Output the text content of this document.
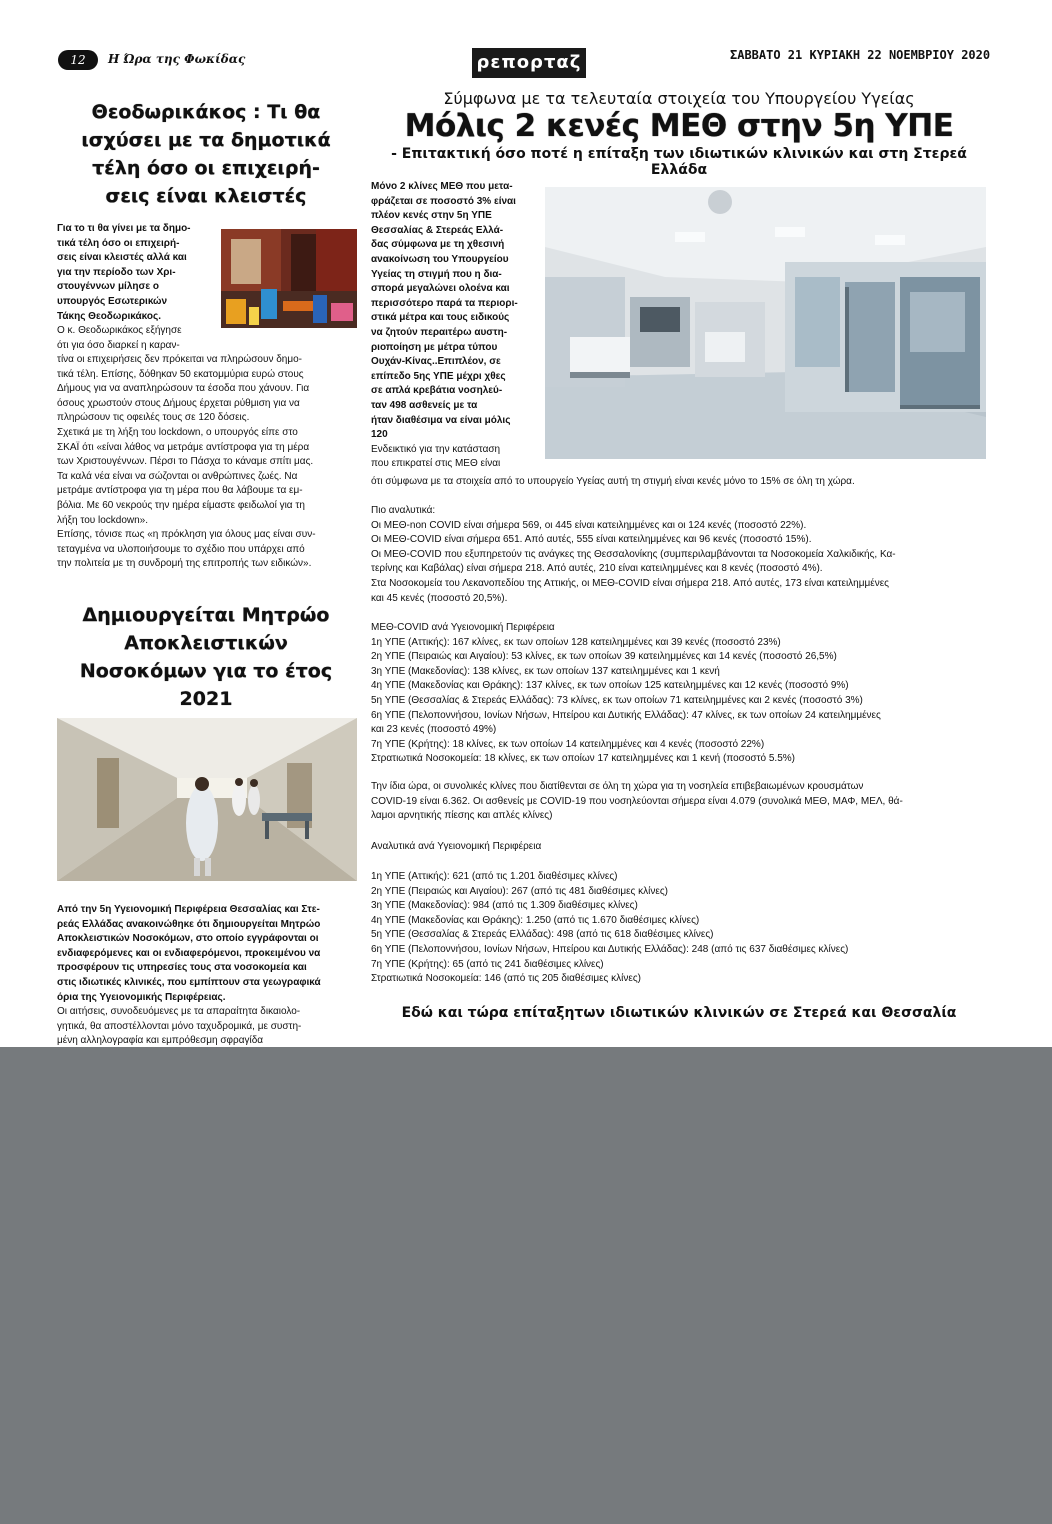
12	Η Ώρα της Φωκίδας	ρεπορταζ	ΣΑΒΒΑΤΟ 21 ΚΥΡΙΑΚΗ 22 ΝΟΕΜΒΡΙΟΥ 2020
Θεοδωρικάκος : Τι θα
ισχύσει με τα δημοτικά
τέλη όσο οι επιχειρή-
σεις είναι κλειστές

Για το τι θα γίνει με τα δημο-

τικά τέλη όσο οι επιχειρή-

σεις είναι κλειστές αλλά και

για την περίοδο των Χρι-

στουγέννων μίλησε ο

υπουργός Εσωτερικών

Τάκης Θεοδωρικάκος.

Ο κ. Θεοδωρικάκος εξήγησε

ότι για όσο διαρκεί η καραν-

τίνα οι επιχειρήσεις δεν πρόκειται να πληρώσουν δημο-

τικά τέλη. Επίσης, δόθηκαν 50 εκατομμύρια ευρώ στους

Δήμους για να αναπληρώσουν τα έσοδα που χάνουν. Για

όσους χρωστούν στους Δήμους έρχεται ρύθμιση για να

πληρώσουν τις οφειλές τους σε 120 δόσεις.

Σχετικά με τη λήξη του lockdown, ο υπουργός είπε στο

ΣΚΑΪ ότι «είναι λάθος να μετράμε αντίστροφα για τη μέρα

των Χριστουγέννων. Πέρσι το Πάσχα το κάναμε σπίτι μας.

Τα καλά νέα είναι να σώζονται οι ανθρώπινες ζωές. Να

μετράμε αντίστροφα για τη μέρα που θα λάβουμε τα εμ-

βόλια. Με 60 νεκρούς την ημέρα είμαστε φειδωλοί για τη

λήξη του lockdown».

Επίσης, τόνισε πως «η πρόκληση για όλους μας είναι συν-

τεταγμένα να υλοποιήσουμε το σχέδιο που υπάρχει από

την πολιτεία με τη συνδρομή της επιτροπής των ειδικών».

Δημιουργείται Μητρώο
Αποκλειστικών
Νοσοκόμων για το έτος
2021

Από την 5η Υγειονομική Περιφέρεια Θεσσαλίας και Στε-

ρεάς Ελλάδας ανακοινώθηκε ότι δημιουργείται Μητρώο

Αποκλειστικών Νοσοκόμων, στο οποίο εγγράφονται οι

ενδιαφερόμενες και οι ενδιαφερόμενοι, προκειμένου να

προσφέρουν τις υπηρεσίες τους στα νοσοκομεία και

στις ιδιωτικές κλινικές, που εμπίπτουν στα γεωγραφικά

όρια της Υγειονομικής Περιφέρειας.

Οι αιτήσεις, συνοδευόμενες με τα απαραίτητα δικαιολο-

γητικά, θα αποστέλλονται μόνο ταχυδρομικά, με συστη-

μένη αλληλογραφία και εμπρόθεσμη σφραγίδα

Σύμφωνα με τα τελευταία στοιχεία του Υπουργείου Υγείας
Μόλις 2 κενές ΜΕΘ στην 5η ΥΠΕ
- Επιτακτική όσο ποτέ η επίταξη των ιδιωτικών κλινικών και στη Στερεά Ελλάδα

Μόνο 2 κλίνες ΜΕΘ που μετα-

φράζεται σε ποσοστό 3% είναι

πλέον κενές στην 5η ΥΠΕ

Θεσσαλίας & Στερεάς Ελλά-

δας σύμφωνα με τη χθεσινή

ανακοίνωση του Υπουργείου

Υγείας τη στιγμή που η δια-

σπορά μεγαλώνει ολοένα και

περισσότερο παρά τα περιορι-

στικά μέτρα και τους ειδικούς

να ζητούν περαιτέρω αυστη-

ριοποίηση με μέτρα τύπου

Ουχάν-Κίνας..Επιπλέον, σε

επίπεδο 5ης ΥΠΕ μέχρι χθες

σε απλά κρεβάτια νοσηλεύ-

ταν 498 ασθενείς με τα

ήταν διαθέσιμα να είναι μόλις

120

Ενδεικτικό για την κατάσταση

που επικρατεί στις ΜΕΘ είναι

ότι σύμφωνα με τα στοιχεία από το υπουργείο Υγείας αυτή τη στιγμή είναι κενές μόνο το 15% σε όλη τη χώρα.

Πιο αναλυτικά:

Οι ΜΕΘ-non COVID είναι σήμερα 569, οι 445 είναι κατειλημμένες και οι 124 κενές (ποσοστό 22%).

Οι ΜΕΘ-COVID είναι σήμερα 651. Από αυτές, 555 είναι κατειλημμένες και 96 κενές (ποσοστό 15%).

Οι ΜΕΘ-COVID που εξυπηρετούν τις ανάγκες της Θεσσαλονίκης (συμπεριλαμβάνονται τα Νοσοκομεία Χαλκιδικής, Κα-

τερίνης και Καβάλας) είναι σήμερα 218. Από αυτές, 210 είναι κατειλημμένες και 8 κενές (ποσοστό 4%).

Στα Νοσοκομεία του Λεκανοπεδίου της Αττικής, οι ΜΕΘ-COVID είναι σήμερα 218. Από αυτές, 173 είναι κατειλημμένες

και 45 κενές (ποσοστό 20,5%).

ΜΕΘ-COVID ανά Υγειονομική Περιφέρεια

1η ΥΠΕ (Αττικής): 167 κλίνες, εκ των οποίων 128 κατειλημμένες και 39 κενές (ποσοστό 23%)

2η ΥΠΕ (Πειραιώς και Αιγαίου): 53 κλίνες, εκ των οποίων 39 κατειλημμένες και 14 κενές (ποσοστό 26,5%)

3η ΥΠΕ (Μακεδονίας): 138 κλίνες, εκ των οποίων 137 κατειλημμένες και 1 κενή

4η ΥΠΕ (Μακεδονίας και Θράκης): 137 κλίνες, εκ των οποίων 125 κατειλημμένες και 12 κενές (ποσοστό 9%)

5η ΥΠΕ (Θεσσαλίας & Στερεάς Ελλάδας): 73 κλίνες, εκ των οποίων 71 κατειλημμένες και 2 κενές (ποσοστό 3%)

6η ΥΠΕ (Πελοποννήσου, Ιονίων Νήσων, Ηπείρου και Δυτικής Ελλάδας): 47 κλίνες, εκ των οποίων 24 κατειλημμένες

και 23 κενές (ποσοστό 49%)

7η ΥΠΕ (Κρήτης): 18 κλίνες, εκ των οποίων 14 κατειλημμένες και 4 κενές (ποσοστό 22%)

Στρατιωτικά Νοσοκομεία: 18 κλίνες, εκ των οποίων 17 κατειλημμένες και 1 κενή (ποσοστό 5.5%)

Την ίδια ώρα, οι συνολικές κλίνες που διατίθενται σε όλη τη χώρα για τη νοσηλεία επιβεβαιωμένων κρουσμάτων

COVID-19 είναι 6.362. Οι ασθενείς με COVID-19 που νοσηλεύονται σήμερα είναι 4.079 (συνολικά ΜΕΘ, ΜΑΦ, ΜΕΛ, θά-

λαμοι αρνητικής πίεσης και απλές κλίνες)

Αναλυτικά ανά Υγειονομική Περιφέρεια

1η ΥΠΕ (Αττικής): 621 (από τις 1.201 διαθέσιμες κλίνες)

2η ΥΠΕ (Πειραιώς και Αιγαίου): 267 (από τις 481 διαθέσιμες κλίνες)

3η ΥΠΕ (Μακεδονίας): 984 (από τις 1.309 διαθέσιμες κλίνες)

4η ΥΠΕ (Μακεδονίας και Θράκης): 1.250 (από τις 1.670 διαθέσιμες κλίνες)

5η ΥΠΕ (Θεσσαλίας & Στερεάς Ελλάδας): 498 (από τις 618 διαθέσιμες κλίνες)

6η ΥΠΕ (Πελοποννήσου, Ιονίων Νήσων, Ηπείρου και Δυτικής Ελλάδας): 248 (από τις 637 διαθέσιμες κλίνες)

7η ΥΠΕ (Κρήτης): 65 (από τις 241 διαθέσιμες κλίνες)

Στρατιωτικά Νοσοκομεία: 146 (από τις 205 διαθέσιμες κλίνες)

Εδώ και τώρα επίταξητων ιδιωτικών κλινικών σε Στερεά και Θεσσαλία
